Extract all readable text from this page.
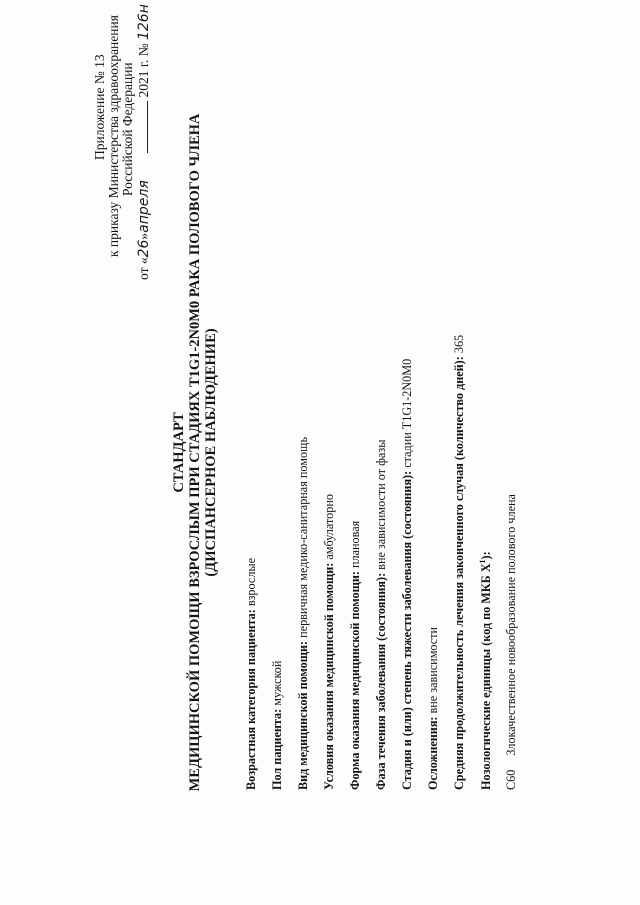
Приложение № 13 к приказу Министерства здравоохранения Российской Федерации
от «26»апреля 2021 г. № 126н
СТАНДАРТ МЕДИЦИНСКОЙ ПОМОЩИ ВЗРОСЛЫМ ПРИ СТАДИЯХ T1G1-2N0M0 РАКА ПОЛОВОГО ЧЛЕНА (ДИСПАНСЕРНОЕ НАБЛЮДЕНИЕ)
Возрастная категория пациента: взрослые
Пол пациента: мужской Вид медицинской помощи: первичная медико-санитарная помощь
Условия оказания медицинской помощи: амбулаторно
Форма оказания медицинской помощи: плановая
Фаза течения заболевания (состояния): вне зависимости от фазы Стадия и (или) степень тяжести заболевания (состояния): стадии T1G1-2N0M0
Осложнения: вне зависимости Средняя продолжительность лечения законченного случая (количество дней): 365
Нозологические единицы (код по МКБ $X^1$):
C60  Злокачественное новообразование полового члена
